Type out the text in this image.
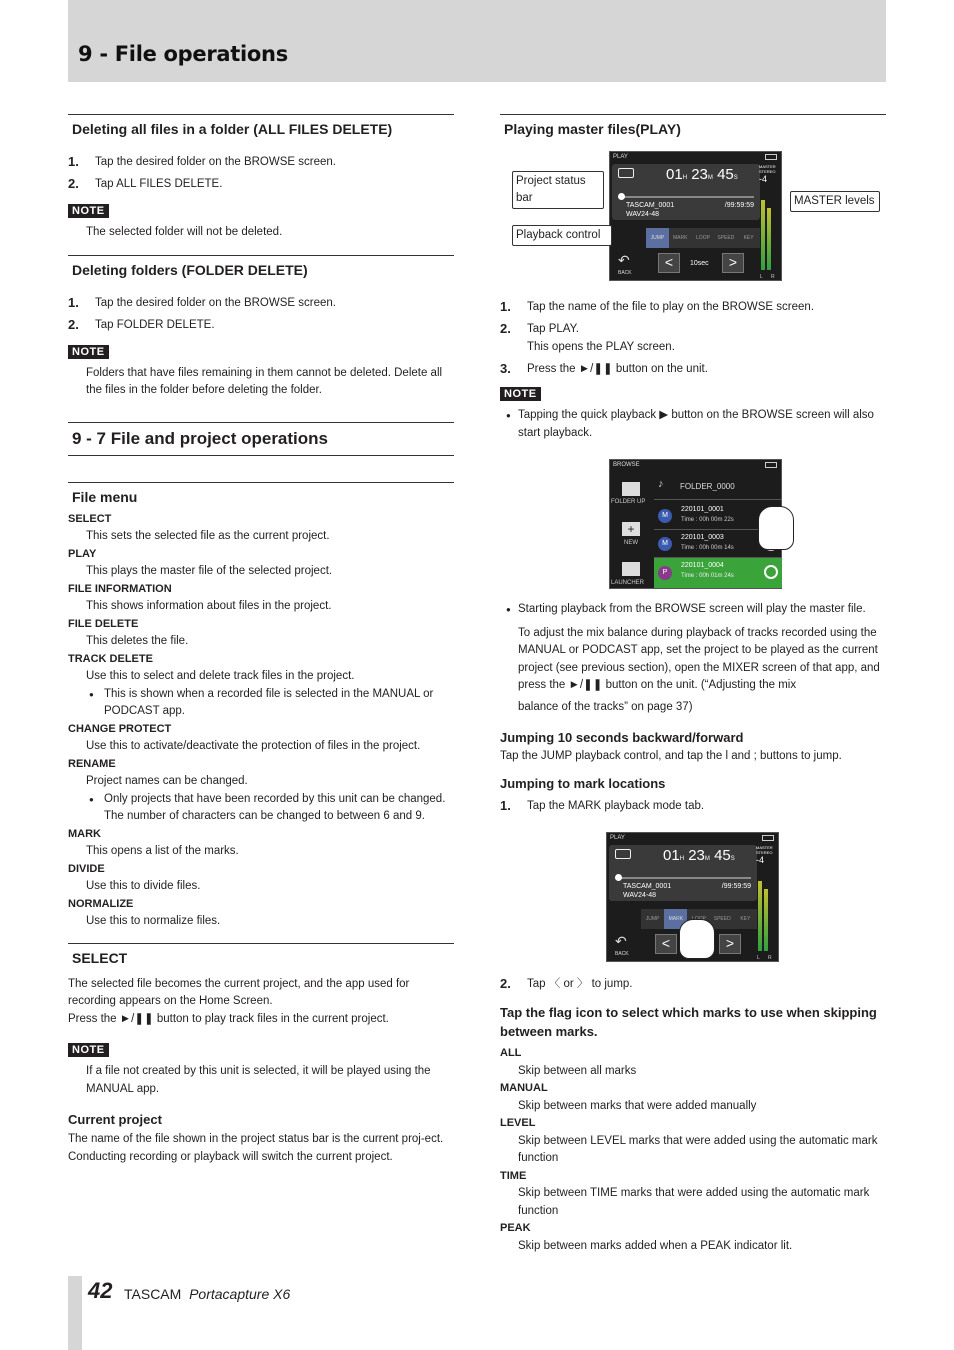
9 - File operations
Deleting all files in a folder (ALL FILES DELETE)
1. Tap the desired folder on the BROWSE screen.
2. Tap ALL FILES DELETE.
NOTE
The selected folder will not be deleted.
Deleting folders (FOLDER DELETE)
1. Tap the desired folder on the BROWSE screen.
2. Tap FOLDER DELETE.
NOTE
Folders that have files remaining in them cannot be deleted. Delete all the files in the folder before deleting the folder.
9 - 7 File and project operations
File menu
SELECT
This sets the selected file as the current project.
PLAY
This plays the master file of the selected project.
FILE INFORMATION
This shows information about files in the project.
FILE DELETE
This deletes the file.
TRACK DELETE
Use this to select and delete track files in the project.
● This is shown when a recorded file is selected in the MANUAL or PODCAST app.
CHANGE PROTECT
Use this to activate/deactivate the protection of files in the project.
RENAME
Project names can be changed.
● Only projects that have been recorded by this unit can be changed. The number of characters can be changed to between 6 and 9.
MARK
This opens a list of the marks.
DIVIDE
Use this to divide files.
NORMALIZE
Use this to normalize files.
SELECT
The selected file becomes the current project, and the app used for recording appears on the Home Screen.
Press the ►/❚❚ button to play track files in the current project.
NOTE
If a file not created by this unit is selected, it will be played using the MANUAL app.
Current project
The name of the file shown in the project status bar is the current proj-ect. Conducting recording or playback will switch the current project.
Playing master files(PLAY)
PLAY
01H 23M 45S
TASCAM_0001
WAV24-48
/99:59:59
MASTER STEREO
-4
L R
JUMP	MARK	LOOP	SPEED	KEY
↶
BACK
<	10sec	>
Project status bar
Playback control
MASTER levels
1. Tap the name of the file to play on the BROWSE screen.
2. Tap PLAY.
This opens the PLAY screen.
3. Press the ►/❚❚ button on the unit.
NOTE
● Tapping the quick playback ▶ button on the BROWSE screen will also start playback.
BROWSE
FOLDER UP
+
NEW
LAUNCHER
♪ FOLDER_0000
M
220101_0001
Time : 00h 00m 22s
M
220101_0003
Time : 00h 00m 14s
P
220101_0004
Time : 00h 01m 24s
● Starting playback from the BROWSE screen will play the master file.
To adjust the mix balance during playback of tracks recorded using the MANUAL or PODCAST app, set the project to be played as the current project (see previous section), open the MIXER screen of that app, and press the ►/❚❚ button on the unit. (“Adjusting the mix
balance of the tracks” on page 37)
Jumping 10 seconds backward/forward
Tap the JUMP playback control, and tap the l and ; buttons to jump.
Jumping to mark locations
1. Tap the MARK playback mode tab.
PLAY
01H 23M 45S
TASCAM_0001
WAV24-48
/99:59:59
MASTER STEREO
-4
L R
JUMP	MARK	SPEED	KEY
↶
BACK
<	>
2. Tap 〈 or 〉 to jump.
Tap the flag icon to select which marks to use when skipping between marks.
ALL
Skip between all marks
MANUAL
Skip between marks that were added manually
LEVEL
Skip between LEVEL marks that were added using the automatic mark function
TIME
Skip between TIME marks that were added using the automatic mark function
PEAK
Skip between marks added when a PEAK indicator lit.
42 TASCAM Portacapture X6
